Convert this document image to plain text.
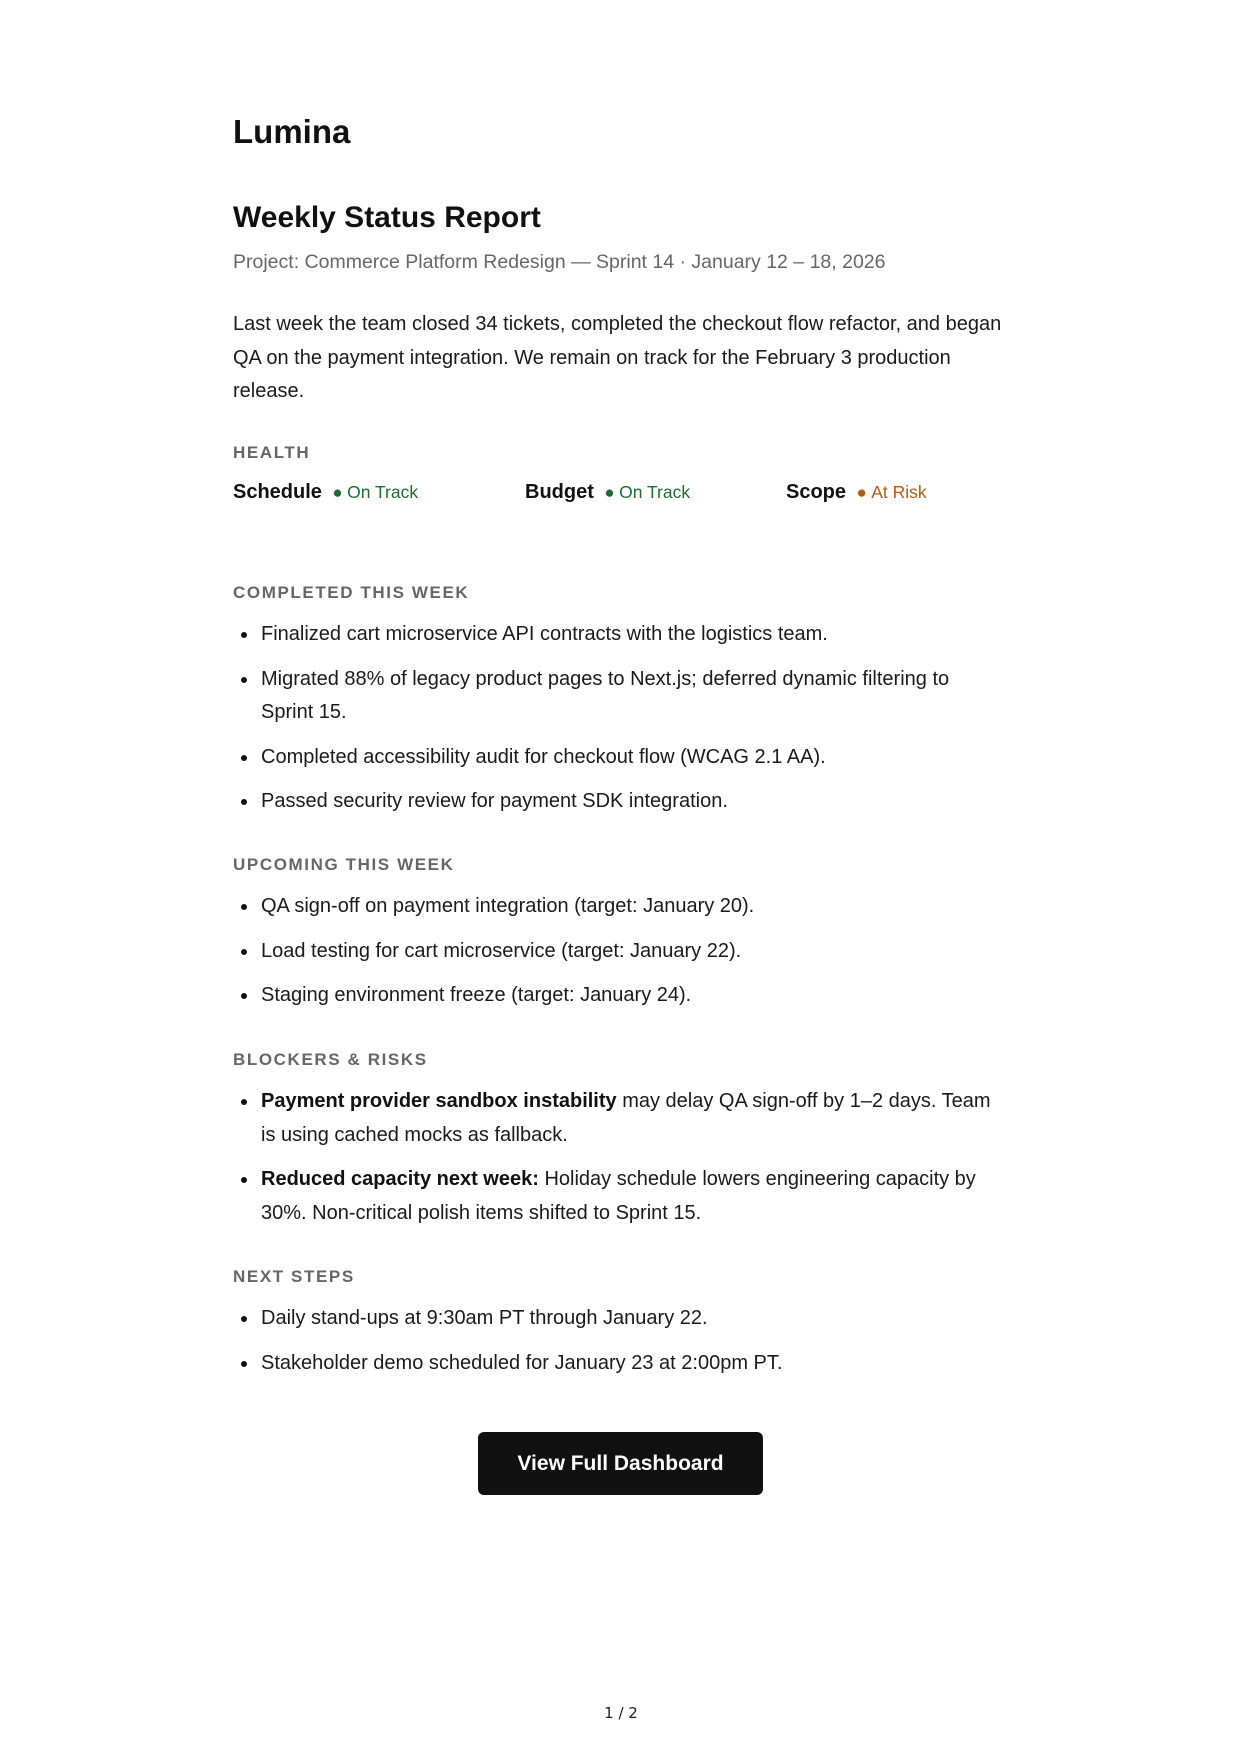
Lumina
Weekly Status Report
Project: Commerce Platform Redesign — Sprint 14 · January 12 – 18, 2026

Last week the team closed 34 tickets, completed the checkout flow refactor, and began QA on the payment integration. We remain on track for the February 3 production release.

HEALTH
Schedule ● On Track	Budget ● On Track	Scope ● At Risk
COMPLETED THIS WEEK
Finalized cart microservice API contracts with the logistics team.
Migrated 88% of legacy product pages to Next.js; deferred dynamic filtering to Sprint 15.
Completed accessibility audit for checkout flow (WCAG 2.1 AA).
Passed security review for payment SDK integration.
UPCOMING THIS WEEK
QA sign-off on payment integration (target: January 20).
Load testing for cart microservice (target: January 22).
Staging environment freeze (target: January 24).
BLOCKERS & RISKS
Payment provider sandbox instability may delay QA sign-off by 1–2 days. Team is using cached mocks as fallback.
Reduced capacity next week: Holiday schedule lowers engineering capacity by 30%. Non-critical polish items shifted to Sprint 15.
NEXT STEPS
Daily stand-ups at 9:30am PT through January 22.
Stakeholder demo scheduled for January 23 at 2:00pm PT.
View Full Dashboard
1 / 2
